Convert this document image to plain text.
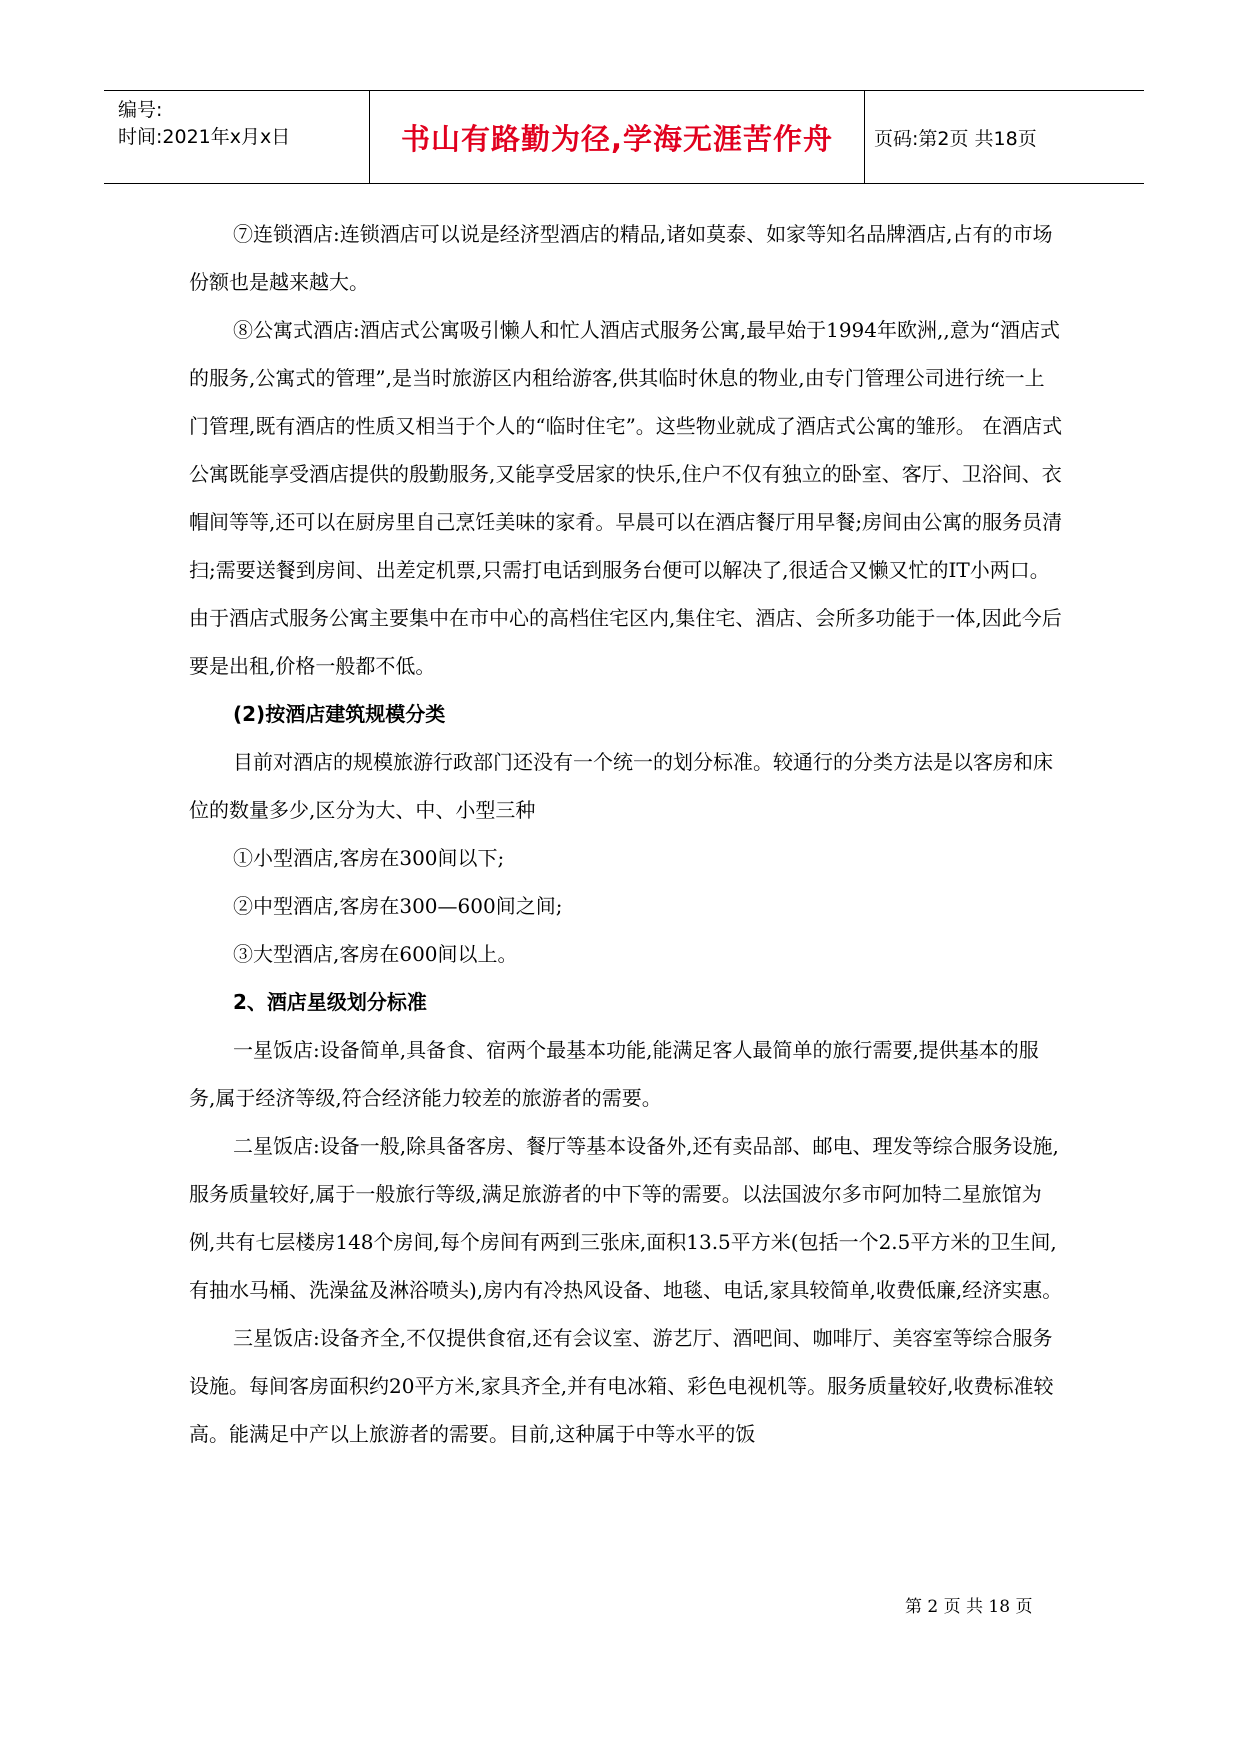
编号:
时间:2021年x月x日	书山有路勤为径,学海无涯苦作舟	页码:第2页 共18页

⑦连锁酒店:连锁酒店可以说是经济型酒店的精品,诸如莫泰、如家等知名品牌酒店,占有的市场份额也是越来越大。

⑧公寓式酒店:酒店式公寓吸引懒人和忙人酒店式服务公寓,最早始于1994年欧洲,,意为“酒店式的服务,公寓式的管理”,是当时旅游区内租给游客,供其临时休息的物业,由专门管理公司进行统一上门管理,既有酒店的性质又相当于个人的“临时住宅”。这些物业就成了酒店式公寓的雏形。 在酒店式公寓既能享受酒店提供的殷勤服务,又能享受居家的快乐,住户不仅有独立的卧室、客厅、卫浴间、衣帽间等等,还可以在厨房里自己烹饪美味的家肴。早晨可以在酒店餐厅用早餐;房间由公寓的服务员清扫;需要送餐到房间、出差定机票,只需打电话到服务台便可以解决了,很适合又懒又忙的IT小两口。由于酒店式服务公寓主要集中在市中心的高档住宅区内,集住宅、酒店、会所多功能于一体,因此今后要是出租,价格一般都不低。

(2)按酒店建筑规模分类

目前对酒店的规模旅游行政部门还没有一个统一的划分标准。较通行的分类方法是以客房和床位的数量多少,区分为大、中、小型三种

①小型酒店,客房在300间以下;

②中型酒店,客房在300—600间之间;

③大型酒店,客房在600间以上。

2、酒店星级划分标准

一星饭店:设备简单,具备食、宿两个最基本功能,能满足客人最简单的旅行需要,提供基本的服务,属于经济等级,符合经济能力较差的旅游者的需要。

二星饭店:设备一般,除具备客房、餐厅等基本设备外,还有卖品部、邮电、理发等综合服务设施,服务质量较好,属于一般旅行等级,满足旅游者的中下等的需要。以法国波尔多市阿加特二星旅馆为例,共有七层楼房148个房间,每个房间有两到三张床,面积13.5平方米(包括一个2.5平方米的卫生间,有抽水马桶、洗澡盆及淋浴喷头),房内有冷热风设备、地毯、电话,家具较简单,收费低廉,经济实惠。

三星饭店:设备齐全,不仅提供食宿,还有会议室、游艺厅、酒吧间、咖啡厅、美容室等综合服务设施。每间客房面积约20平方米,家具齐全,并有电冰箱、彩色电视机等。服务质量较好,收费标准较高。能满足中产以上旅游者的需要。目前,这种属于中等水平的饭

第 2 页 共 18 页
